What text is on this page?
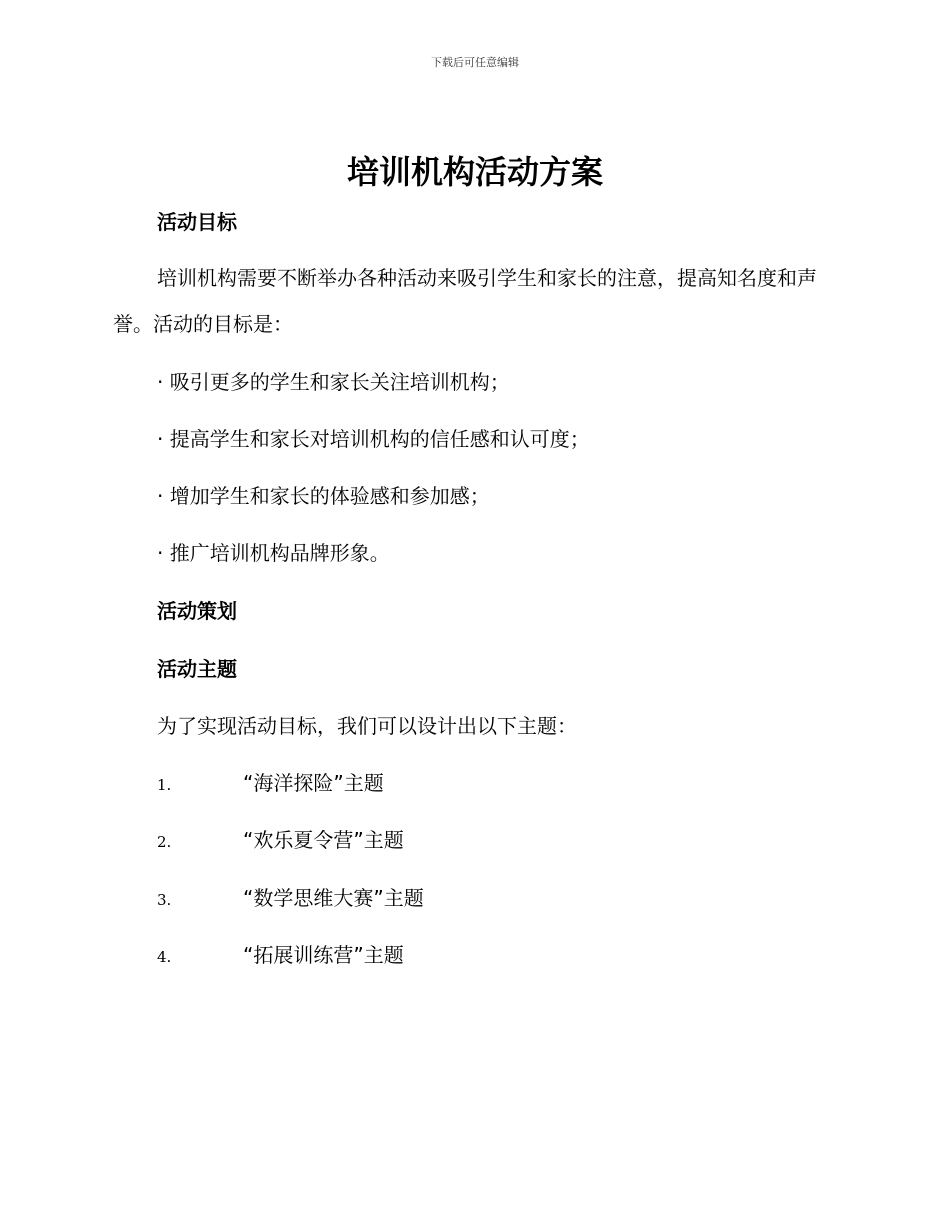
下载后可任意编辑
培训机构活动方案
活动目标

培训机构需要不断举办各种活动来吸引学生和家长的注意，提高知名度和声誉。活动的目标是：

· 吸引更多的学生和家长关注培训机构；

· 提高学生和家长对培训机构的信任感和认可度；

· 增加学生和家长的体验感和参加感；

· 推广培训机构品牌形象。

活动策划
活动主题

为了实现活动目标，我们可以设计出以下主题：

1.	“海洋探险”主题
2.	“欢乐夏令营”主题
3.	“数学思维大赛”主题
4.	“拓展训练营”主题
